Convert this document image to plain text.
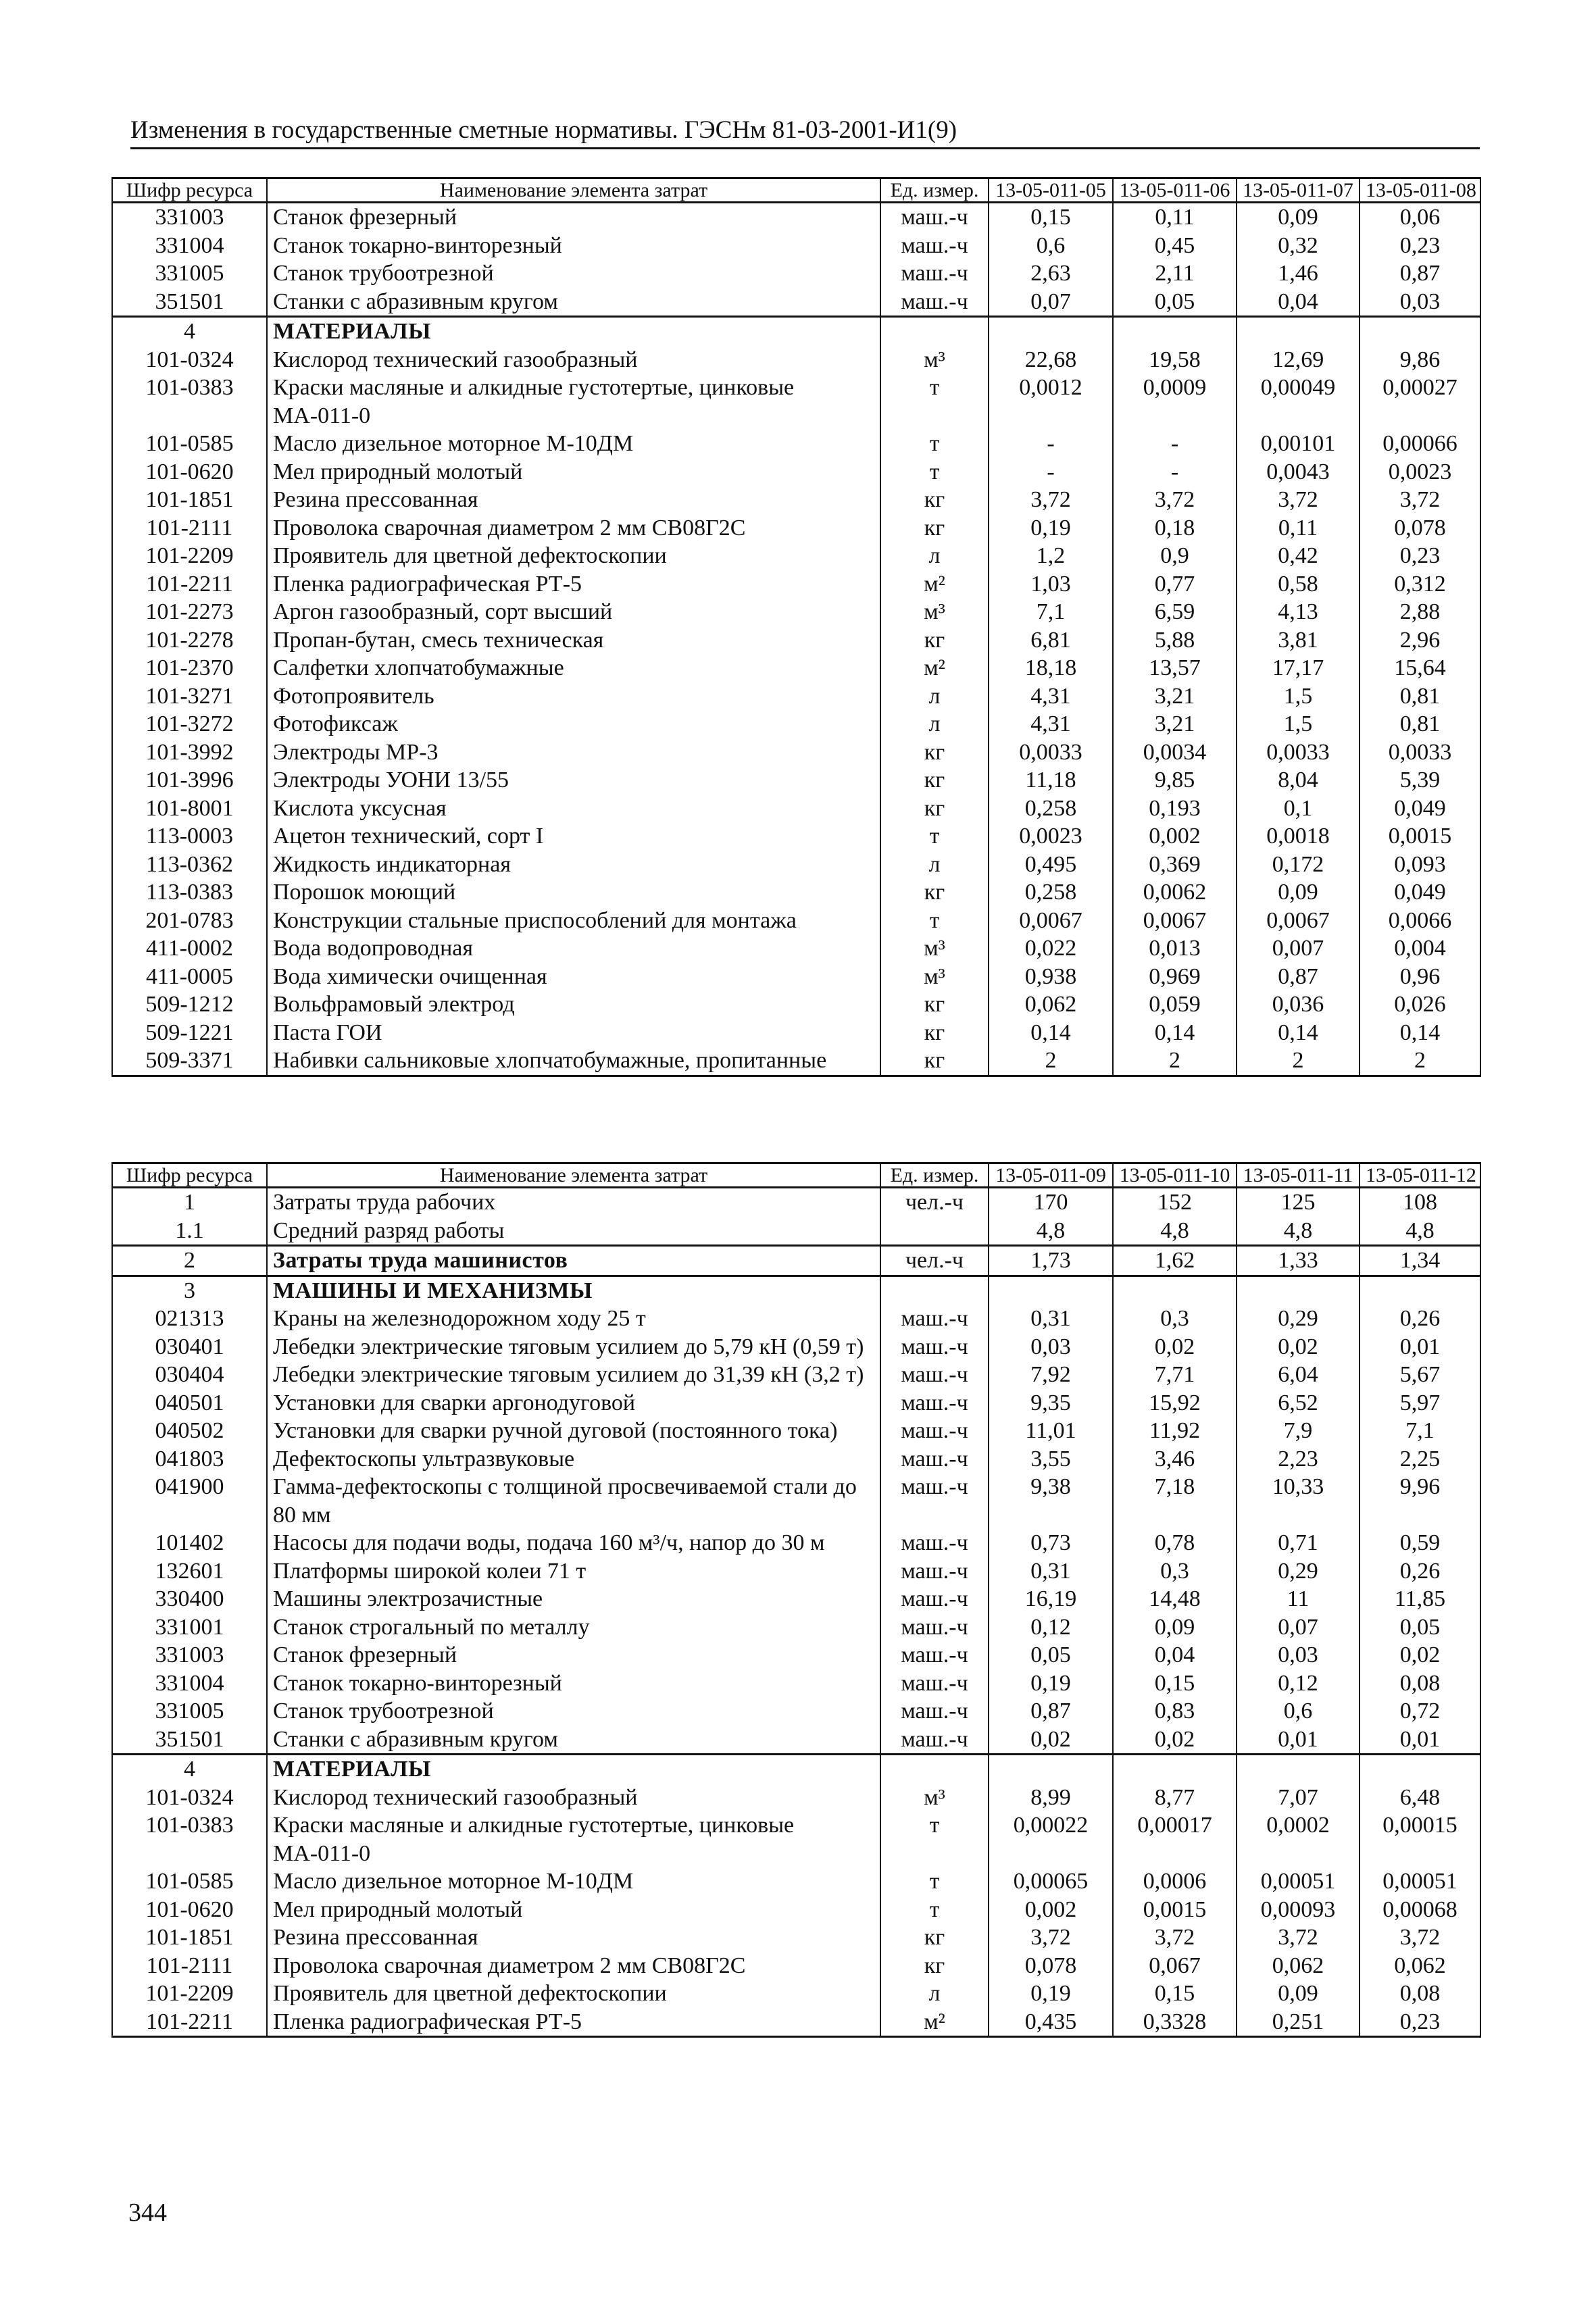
Изменения в государственные сметные нормативы. ГЭСНм 81-03-2001-И1(9)
Шифр ресурса	Наименование элемента затрат	Ед. измер.	13-05-011-05	13-05-011-06	13-05-011-07	13-05-011-08
331003	Станок фрезерный	маш.-ч	0,15	0,11	0,09	0,06
331004	Станок токарно-винторезный	маш.-ч	0,6	0,45	0,32	0,23
331005	Станок трубоотрезной	маш.-ч	2,63	2,11	1,46	0,87
351501	Станки с абразивным кругом	маш.-ч	0,07	0,05	0,04	0,03
4	МАТЕРИАЛЫ					
101-0324	Кислород технический газообразный	м³	22,68	19,58	12,69	9,86
101-0383	Краски масляные и алкидные густотертые, цинковые МА-011-0	т	0,0012	0,0009	0,00049	0,00027
101-0585	Масло дизельное моторное М-10ДМ	т	-	-	0,00101	0,00066
101-0620	Мел природный молотый	т	-	-	0,0043	0,0023
101-1851	Резина прессованная	кг	3,72	3,72	3,72	3,72
101-2111	Проволока сварочная диаметром 2 мм СВ08Г2С	кг	0,19	0,18	0,11	0,078
101-2209	Проявитель для цветной дефектоскопии	л	1,2	0,9	0,42	0,23
101-2211	Пленка радиографическая РТ-5	м²	1,03	0,77	0,58	0,312
101-2273	Аргон газообразный, сорт высший	м³	7,1	6,59	4,13	2,88
101-2278	Пропан-бутан, смесь техническая	кг	6,81	5,88	3,81	2,96
101-2370	Салфетки хлопчатобумажные	м²	18,18	13,57	17,17	15,64
101-3271	Фотопроявитель	л	4,31	3,21	1,5	0,81
101-3272	Фотофиксаж	л	4,31	3,21	1,5	0,81
101-3992	Электроды МР-3	кг	0,0033	0,0034	0,0033	0,0033
101-3996	Электроды УОНИ 13/55	кг	11,18	9,85	8,04	5,39
101-8001	Кислота уксусная	кг	0,258	0,193	0,1	0,049
113-0003	Ацетон технический, сорт I	т	0,0023	0,002	0,0018	0,0015
113-0362	Жидкость индикаторная	л	0,495	0,369	0,172	0,093
113-0383	Порошок моющий	кг	0,258	0,0062	0,09	0,049
201-0783	Конструкции стальные приспособлений для монтажа	т	0,0067	0,0067	0,0067	0,0066
411-0002	Вода водопроводная	м³	0,022	0,013	0,007	0,004
411-0005	Вода химически очищенная	м³	0,938	0,969	0,87	0,96
509-1212	Вольфрамовый электрод	кг	0,062	0,059	0,036	0,026
509-1221	Паста ГОИ	кг	0,14	0,14	0,14	0,14
509-3371	Набивки сальниковые хлопчатобумажные, пропитанные	кг	2	2	2	2
Шифр ресурса	Наименование элемента затрат	Ед. измер.	13-05-011-09	13-05-011-10	13-05-011-11	13-05-011-12
1	Затраты труда рабочих	чел.-ч	170	152	125	108
1.1	Средний разряд работы		4,8	4,8	4,8	4,8
2	Затраты труда машинистов	чел.-ч	1,73	1,62	1,33	1,34
3	МАШИНЫ И МЕХАНИЗМЫ					
021313	Краны на железнодорожном ходу 25 т	маш.-ч	0,31	0,3	0,29	0,26
030401	Лебедки электрические тяговым усилием до 5,79 кН (0,59 т)	маш.-ч	0,03	0,02	0,02	0,01
030404	Лебедки электрические тяговым усилием до 31,39 кН (3,2 т)	маш.-ч	7,92	7,71	6,04	5,67
040501	Установки для сварки аргонодуговой	маш.-ч	9,35	15,92	6,52	5,97
040502	Установки для сварки ручной дуговой (постоянного тока)	маш.-ч	11,01	11,92	7,9	7,1
041803	Дефектоскопы ультразвуковые	маш.-ч	3,55	3,46	2,23	2,25
041900	Гамма-дефектоскопы с толщиной просвечиваемой стали до 80 мм	маш.-ч	9,38	7,18	10,33	9,96
101402	Насосы для подачи воды, подача 160 м³/ч, напор до 30 м	маш.-ч	0,73	0,78	0,71	0,59
132601	Платформы широкой колеи 71 т	маш.-ч	0,31	0,3	0,29	0,26
330400	Машины электрозачистные	маш.-ч	16,19	14,48	11	11,85
331001	Станок строгальный по металлу	маш.-ч	0,12	0,09	0,07	0,05
331003	Станок фрезерный	маш.-ч	0,05	0,04	0,03	0,02
331004	Станок токарно-винторезный	маш.-ч	0,19	0,15	0,12	0,08
331005	Станок трубоотрезной	маш.-ч	0,87	0,83	0,6	0,72
351501	Станки с абразивным кругом	маш.-ч	0,02	0,02	0,01	0,01
4	МАТЕРИАЛЫ					
101-0324	Кислород технический газообразный	м³	8,99	8,77	7,07	6,48
101-0383	Краски масляные и алкидные густотертые, цинковые МА-011-0	т	0,00022	0,00017	0,0002	0,00015
101-0585	Масло дизельное моторное М-10ДМ	т	0,00065	0,0006	0,00051	0,00051
101-0620	Мел природный молотый	т	0,002	0,0015	0,00093	0,00068
101-1851	Резина прессованная	кг	3,72	3,72	3,72	3,72
101-2111	Проволока сварочная диаметром 2 мм СВ08Г2С	кг	0,078	0,067	0,062	0,062
101-2209	Проявитель для цветной дефектоскопии	л	0,19	0,15	0,09	0,08
101-2211	Пленка радиографическая РТ-5	м²	0,435	0,3328	0,251	0,23
344
